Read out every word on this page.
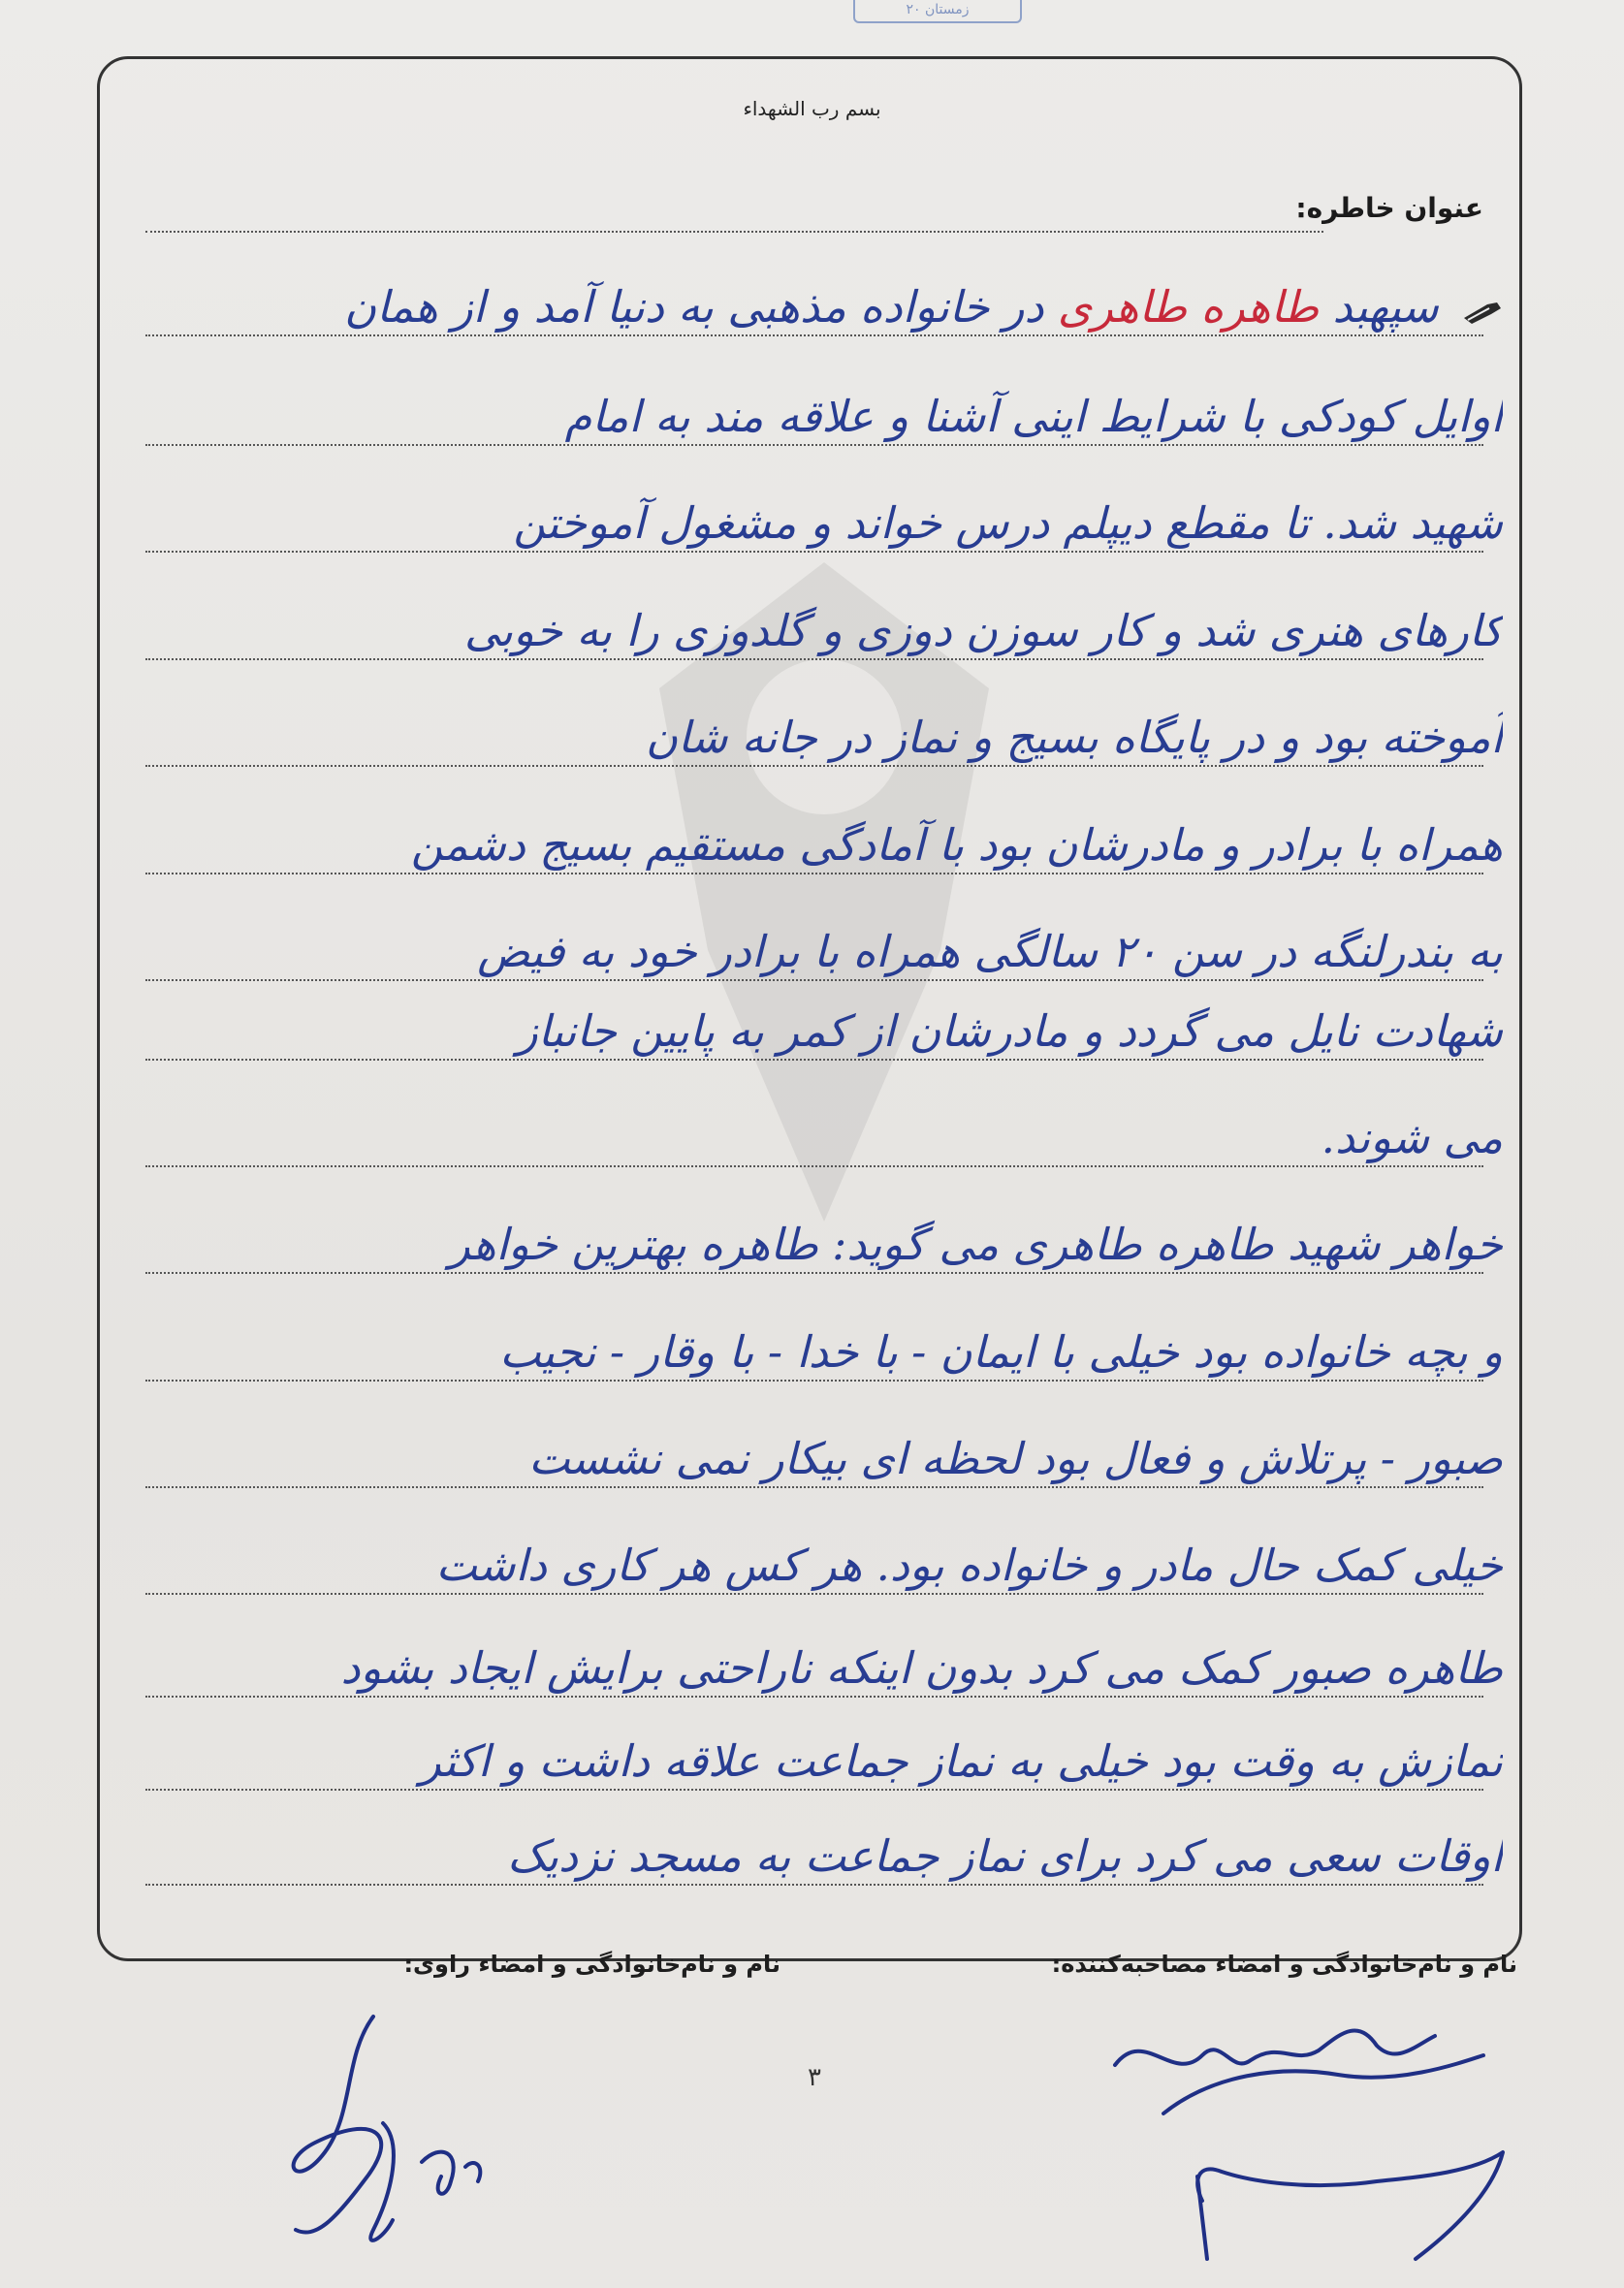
۲۰ زمستان
بسم رب الشهداء
عنوان خاطره:
سپهبد طاهره طاهری در خانواده مذهبی به دنیا آمد و از همان
اوایل کودکی با شرایط اینی آشنا و علاقه مند به امام
شهید شد. تا مقطع دیپلم درس خواند و مشغول آموختن
کارهای هنری شد و کار سوزن دوزی و گلدوزی را به خوبی
آموخته بود و در پایگاه بسیج و نماز در جانه شان
همراه با برادر و مادرشان بود با آمادگی مستقیم بسیج دشمن
به بندرلنگه در سن ۲۰ سالگی همراه با برادر خود به فیض
شهادت نایل می گردد و مادرشان از کمر به پایین جانباز
می شوند.
خواهر شهید طاهره طاهری می گوید: طاهره بهترین خواهر
و بچه خانواده بود خیلی با ایمان - با خدا - با وقار - نجیب
صبور - پرتلاش و فعال بود لحظه ای بیکار نمی نشست
خیلی کمک حال مادر و خانواده بود. هر کس هر کاری داشت
طاهره صبور کمک می کرد بدون اینکه ناراحتی برایش ایجاد بشود
نمازش به وقت بود خیلی به نماز جماعت علاقه داشت و اکثر
اوقات سعی می کرد برای نماز جماعت به مسجد نزدیک
نام و نام‌خانوادگی و امضاء مصاحبه‌کننده:
نام و نام‌خانوادگی و امضاء راوی:
۳
